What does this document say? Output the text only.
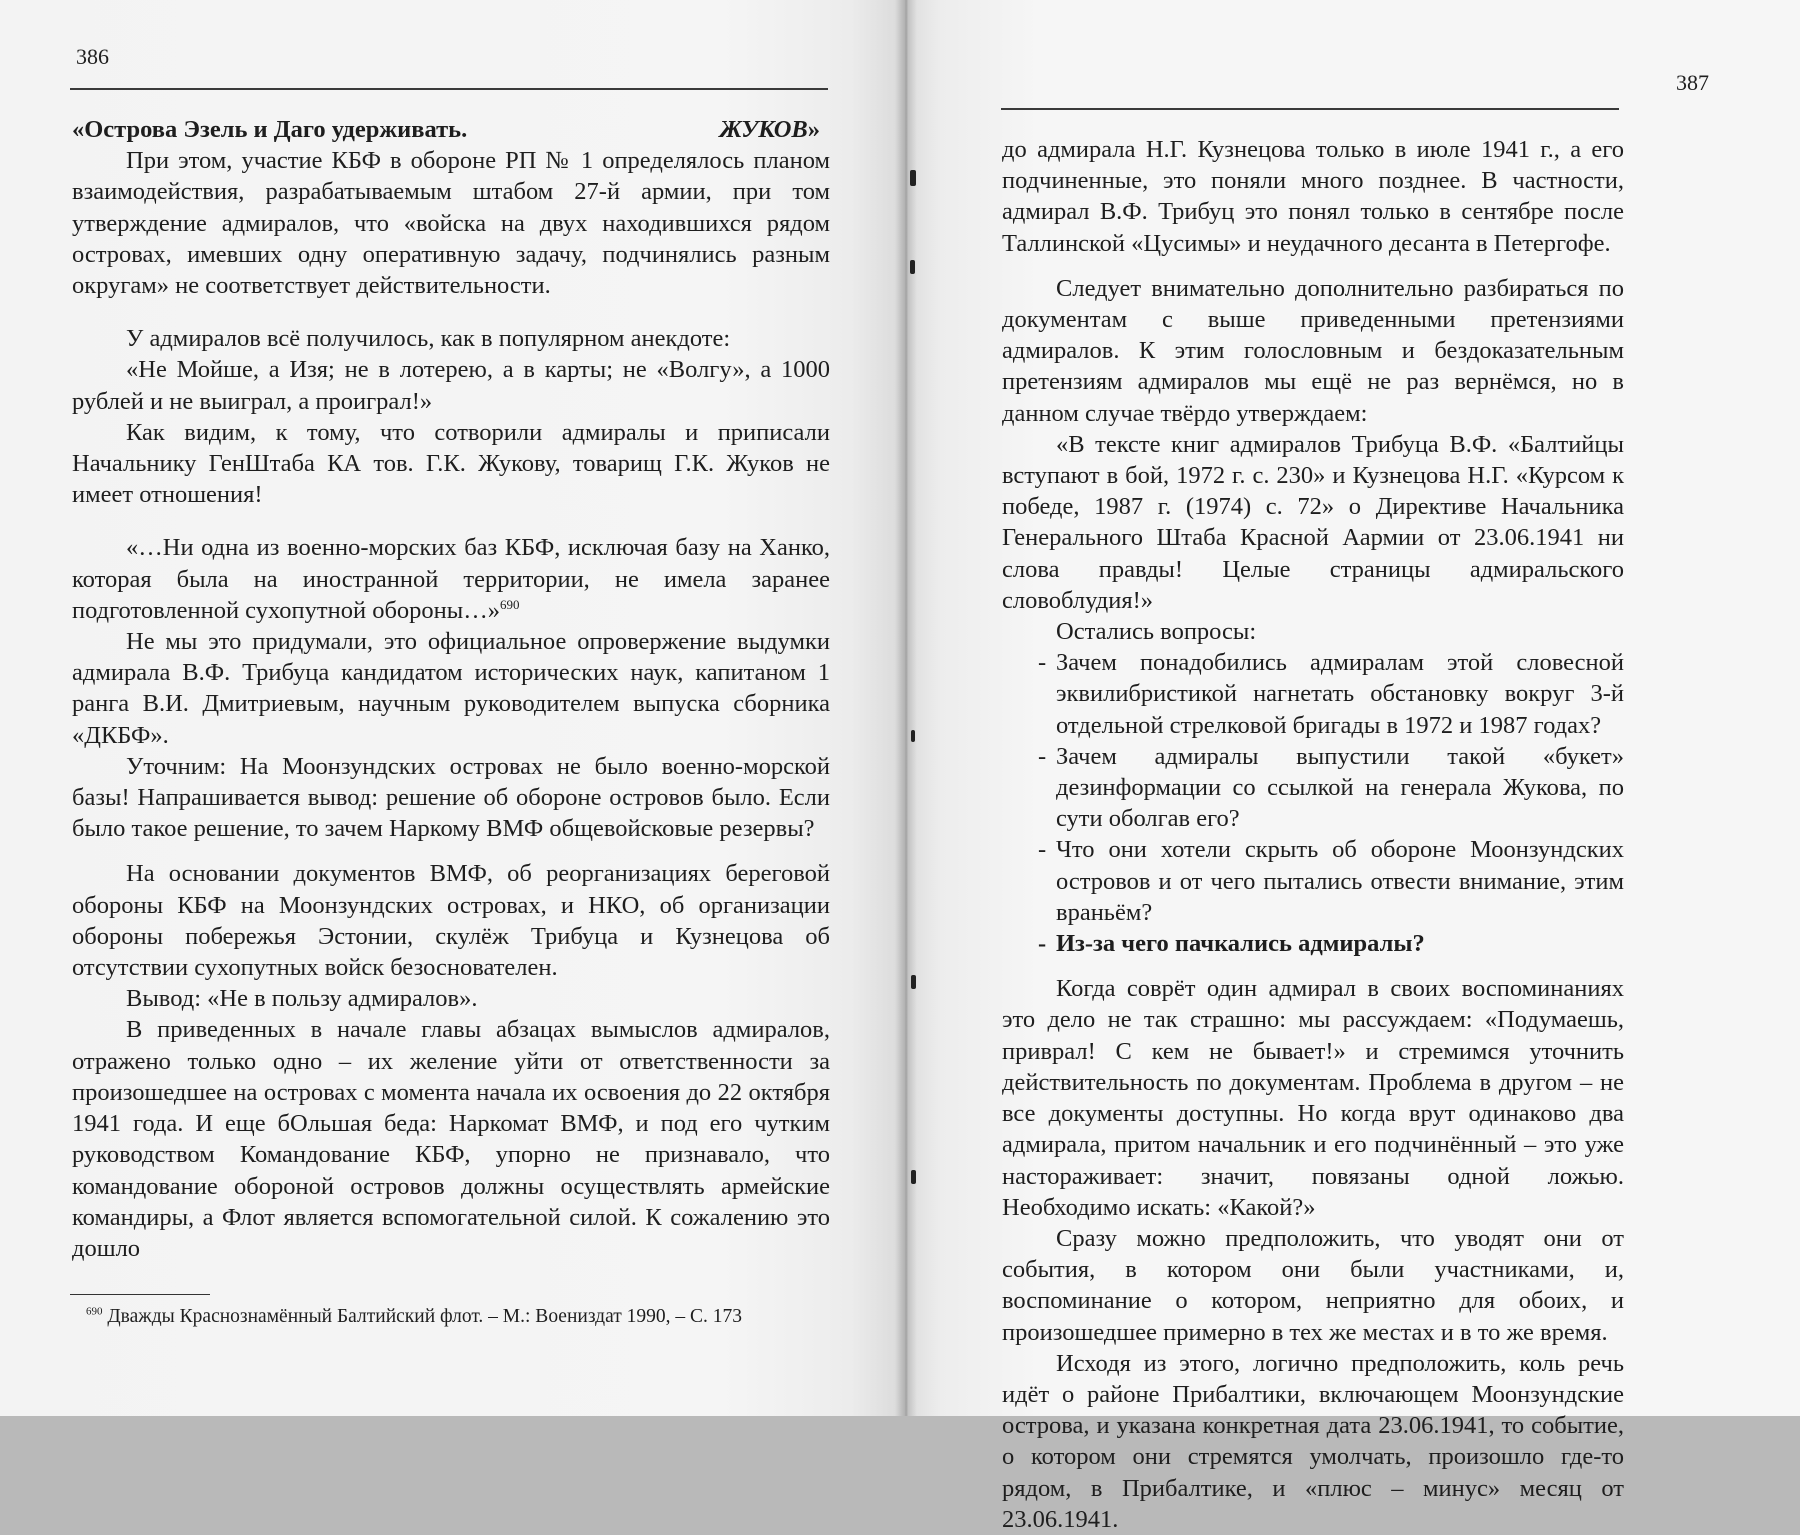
386
«Острова Эзель и Даго удерживать.	ЖУКОВ»

При этом, участие КБФ в обороне РП № 1 определялось планом взаимодействия, разрабатываемым штабом 27-й армии, при том утверждение адмиралов, что «войска на двух находившихся рядом островах, имевших одну оперативную задачу, подчинялись разным округам» не соответствует действительности.

У адмиралов всё получилось, как в популярном анекдоте:

«Не Мойше, а Изя; не в лотерею, а в карты; не «Волгу», а 1000 рублей и не выиграл, а проиграл!»

Как видим, к тому, что сотворили адмиралы и приписали Начальнику ГенШтаба КА тов. Г.К. Жукову, товарищ Г.К. Жуков не имеет отношения!

«…Ни одна из военно-морских баз КБФ, исключая базу на Ханко, которая была на иностранной территории, не имела заранее подготовленной сухопутной обороны…»$^{690}$

Не мы это придумали, это официальное опровержение выдумки адмирала В.Ф. Трибуца кандидатом исторических наук, капитаном 1 ранга В.И. Дмитриевым, научным руководителем выпуска сборника «ДКБФ».

Уточним: На Моонзундских островах не было военно-морской базы! Напрашивается вывод: решение об обороне островов было. Если было такое решение, то зачем Наркому ВМФ общевойсковые резервы?

На основании документов ВМФ, об реорганизациях береговой обороны КБФ на Моонзундских островах, и НКО, об организации обороны побережья Эстонии, скулёж Трибуца и Кузнецова об отсутствии сухопутных войск безоснователен.

Вывод: «Не в пользу адмиралов».

В приведенных в начале главы абзацах вымыслов адмиралов, отражено только одно – их желение уйти от ответственности за произошедшее на островах с момента начала их освоения до 22 октября 1941 года. И еще бОльшая беда: Наркомат ВМФ, и под его чутким руководством Командование КБФ, упорно не признавало, что командование обороной островов должны осуществлять армейские командиры, а Флот является вспомогательной силой. К сожалению это дошло

$^{690}$ Дважды Краснознамённый Балтийский флот. – М.: Воениздат 1990, – С. 173
387

до адмирала Н.Г. Кузнецова только в июле 1941 г., а его подчиненные, это поняли много позднее. В частности, адмирал В.Ф. Трибуц это понял только в сентябре после Таллинской «Цусимы» и неудачного десанта в Петергофе.

Следует внимательно дополнительно разбираться по документам с выше приведенными претензиями адмиралов. К этим голословным и бездоказательным претензиям адмиралов мы ещё не раз вернёмся, но в данном случае твёрдо утверждаем:

«В тексте книг адмиралов Трибуца В.Ф. «Балтийцы вступают в бой, 1972 г. с. 230» и Кузнецова Н.Г. «Курсом к победе, 1987 г. (1974) с. 72» о Директиве Начальника Генерального Штаба Красной Аармии от 23.06.1941 ни слова правды! Целые страницы адмиральского словоблудия!»

Остались вопросы:

- Зачем понадобились адмиралам этой словесной эквилибристикой нагнетать обстановку вокруг 3-й отдельной стрелковой бригады в 1972 и 1987 годах?
- Зачем адмиралы выпустили такой «букет» дезинформации со ссылкой на генерала Жукова, по сути оболгав его?
- Что они хотели скрыть об обороне Моонзундских островов и от чего пытались отвести внимание, этим враньём?
- Из-за чего пачкались адмиралы?

Когда соврёт один адмирал в своих воспоминаниях это дело не так страшно: мы рассуждаем: «Подумаешь, приврал! С кем не бывает!» и стремимся уточнить действительность по документам. Проблема в другом – не все документы доступны. Но когда врут одинаково два адмирала, притом начальник и его подчинённый – это уже настораживает: значит, повязаны одной ложью. Необходимо искать: «Какой?»

Сразу можно предположить, что уводят они от события, в котором они были участниками, и, воспоминание о котором, неприятно для обоих, и произошедшее примерно в тех же местах и в то же время.

Исходя из этого, логично предположить, коль речь идёт о районе Прибалтики, включающем Моонзундские острова, и указана конкретная дата 23.06.1941, то событие, о котором они стремятся умолчать, произошло где-то рядом, в Прибалтике, и «плюс – минус» месяц от 23.06.1941.
